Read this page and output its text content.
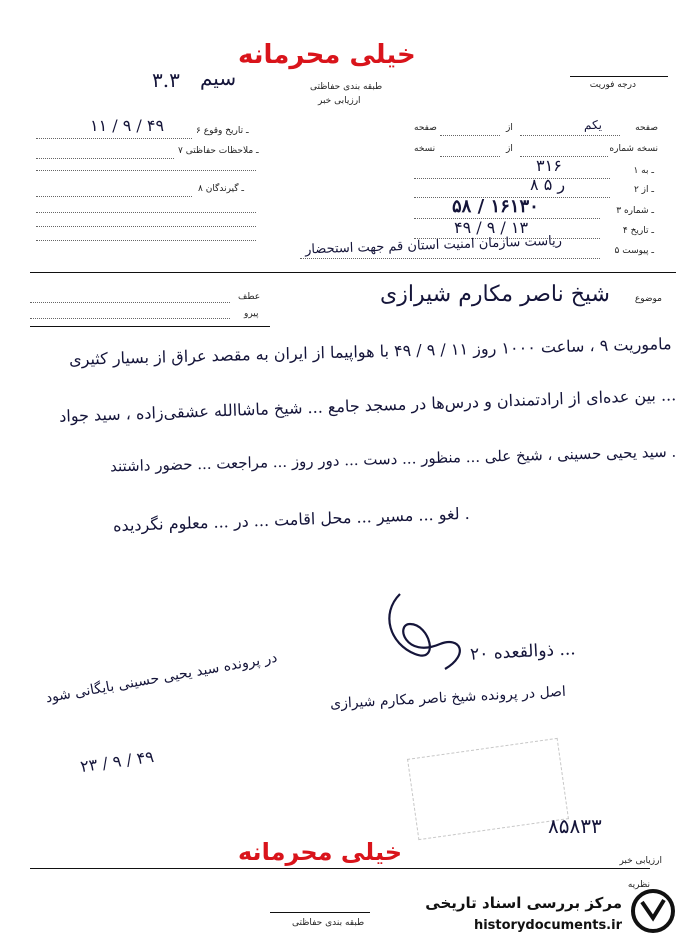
خیلی محرمانه
درجه فوریت
طبقه بندی حفاظتی
ارزیابی خبر
سیم
۳.۳
صفحه
یکم
از
صفحه
نسخه شماره
از
نسخه
۱ ـ به
۳۱۶
۲ ـ از
۸ ر ۵
۳ ـ شماره
۵۸ / ۱۶۱۳۰
۴ ـ تاریخ
۴۹ / ۹ / ۱۳
۵ ـ پیوست
ریاست سازمان امنیت استان قم جهت استحضار
۶ ـ تاریخ وقوع
۱۱ / ۹ / ۴۹
۷ ـ ملاحظات حفاظتی
۸ ـ گیرندگان
عطف
پیرو
موضوع
شیخ ناصر مکارم شیرازی
ماموریت ۹ ، ساعت ۱۰۰۰ روز ۱۱ / ۹ / ۴۹ با هواپیما از ایران به مقصد عراق از بسیار کثیری
بین عده‌ای از ارادتمندان و درس‌ها در مسجد جامع ... شیخ ماشاالله عشقی‌زاده ، سید جواد ...
سید یحیی حسینی ، شیخ علی ... منظور ... دست ... دور روز ... مراجعت ... حضور داشتند .
لغو ... مسیر ... محل اقامت ... در ... معلوم نگردیده .
۲۰ ذوالقعده ...
اصل در پرونده شیخ ناصر مکارم شیرازی
در پرونده سید یحیی حسینی بایگانی شود
۲۳ / ۹ / ۴۹
۸۵۸۳۳
خیلی محرمانه	ارزیابی خبر
نظریه
طبقه بندی حفاظتی
مرکز بررسی اسناد تاریخی
historydocuments.ir
